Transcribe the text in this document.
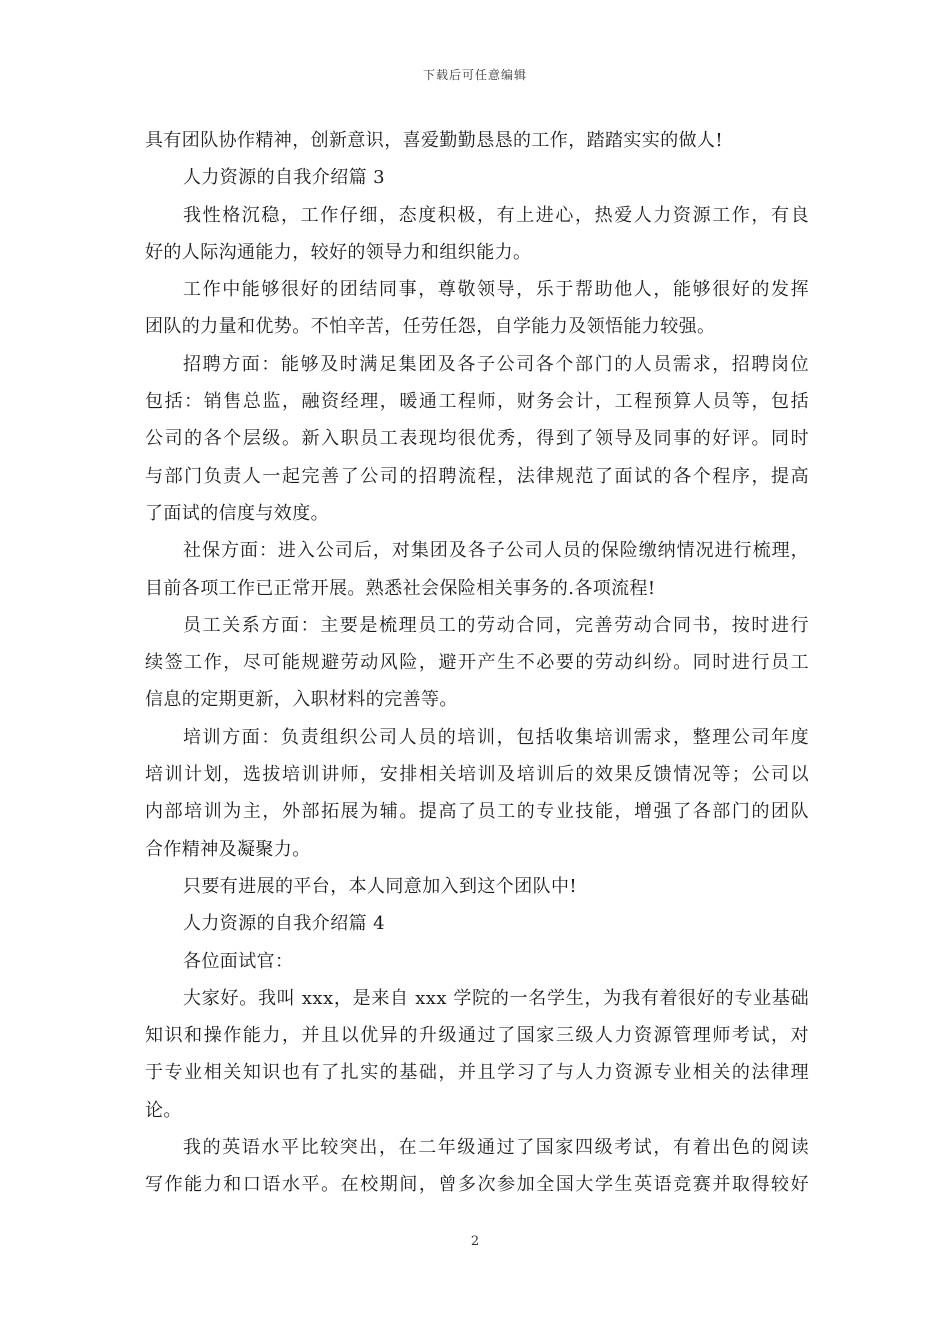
下载后可任意编辑
具有团队协作精神，创新意识，喜爱勤勤恳恳的工作，踏踏实实的做人!
人力资源的自我介绍篇 3
我性格沉稳，工作仔细，态度积极，有上进心，热爱人力资源工作，有良
好的人际沟通能力，较好的领导力和组织能力。
工作中能够很好的团结同事，尊敬领导，乐于帮助他人，能够很好的发挥
团队的力量和优势。不怕辛苦，任劳任怨，自学能力及领悟能力较强。
招聘方面：能够及时满足集团及各子公司各个部门的人员需求，招聘岗位
包括：销售总监，融资经理，暖通工程师，财务会计，工程预算人员等，包括
公司的各个层级。新入职员工表现均很优秀，得到了领导及同事的好评。同时
与部门负责人一起完善了公司的招聘流程，法律规范了面试的各个程序，提高
了面试的信度与效度。
社保方面：进入公司后，对集团及各子公司人员的保险缴纳情况进行梳理，
目前各项工作已正常开展。熟悉社会保险相关事务的.各项流程!
员工关系方面：主要是梳理员工的劳动合同，完善劳动合同书，按时进行
续签工作，尽可能规避劳动风险，避开产生不必要的劳动纠纷。同时进行员工
信息的定期更新，入职材料的完善等。
培训方面：负责组织公司人员的培训，包括收集培训需求，整理公司年度
培训计划，选拔培训讲师，安排相关培训及培训后的效果反馈情况等；公司以
内部培训为主，外部拓展为辅。提高了员工的专业技能，增强了各部门的团队
合作精神及凝聚力。
只要有进展的平台，本人同意加入到这个团队中!
人力资源的自我介绍篇 4
各位面试官：
大家好。我叫 xxx，是来自 xxx 学院的一名学生，为我有着很好的专业基础
知识和操作能力，并且以优异的升级通过了国家三级人力资源管理师考试，对
于专业相关知识也有了扎实的基础，并且学习了与人力资源专业相关的法律理
论。
我的英语水平比较突出，在二年级通过了国家四级考试，有着出色的阅读
写作能力和口语水平。在校期间，曾多次参加全国大学生英语竞赛并取得较好
2
